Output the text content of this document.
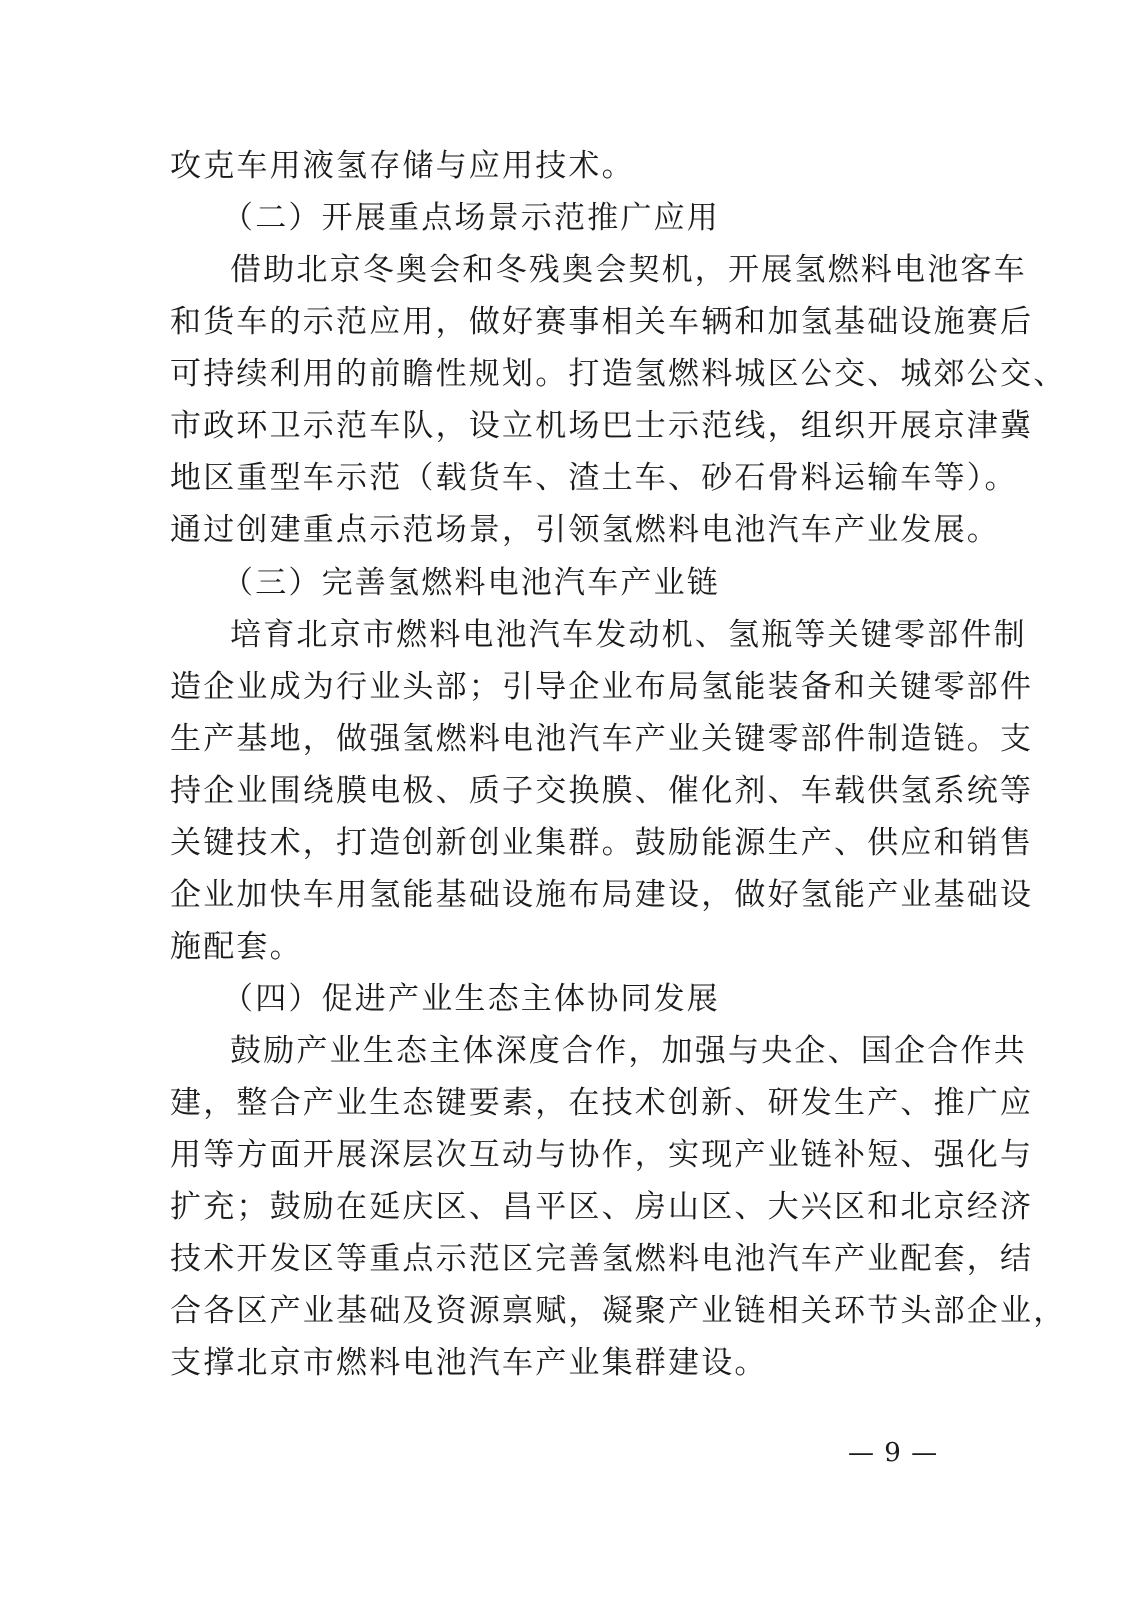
攻克车用液氢存储与应用技术。
（二）开展重点场景示范推广应用
借助北京冬奥会和冬残奥会契机，开展氢燃料电池客车
和货车的示范应用，做好赛事相关车辆和加氢基础设施赛后
可持续利用的前瞻性规划。打造氢燃料城区公交、城郊公交、
市政环卫示范车队，设立机场巴士示范线，组织开展京津冀
地区重型车示范（载货车、渣土车、砂石骨料运输车等）。
通过创建重点示范场景，引领氢燃料电池汽车产业发展。
（三）完善氢燃料电池汽车产业链
培育北京市燃料电池汽车发动机、氢瓶等关键零部件制
造企业成为行业头部；引导企业布局氢能装备和关键零部件
生产基地，做强氢燃料电池汽车产业关键零部件制造链。支
持企业围绕膜电极、质子交换膜、催化剂、车载供氢系统等
关键技术，打造创新创业集群。鼓励能源生产、供应和销售
企业加快车用氢能基础设施布局建设，做好氢能产业基础设
施配套。
（四）促进产业生态主体协同发展
鼓励产业生态主体深度合作，加强与央企、国企合作共
建，整合产业生态键要素，在技术创新、研发生产、推广应
用等方面开展深层次互动与协作，实现产业链补短、强化与
扩充；鼓励在延庆区、昌平区、房山区、大兴区和北京经济
技术开发区等重点示范区完善氢燃料电池汽车产业配套，结
合各区产业基础及资源禀赋，凝聚产业链相关环节头部企业，
支撑北京市燃料电池汽车产业集群建设。
— 9 —
